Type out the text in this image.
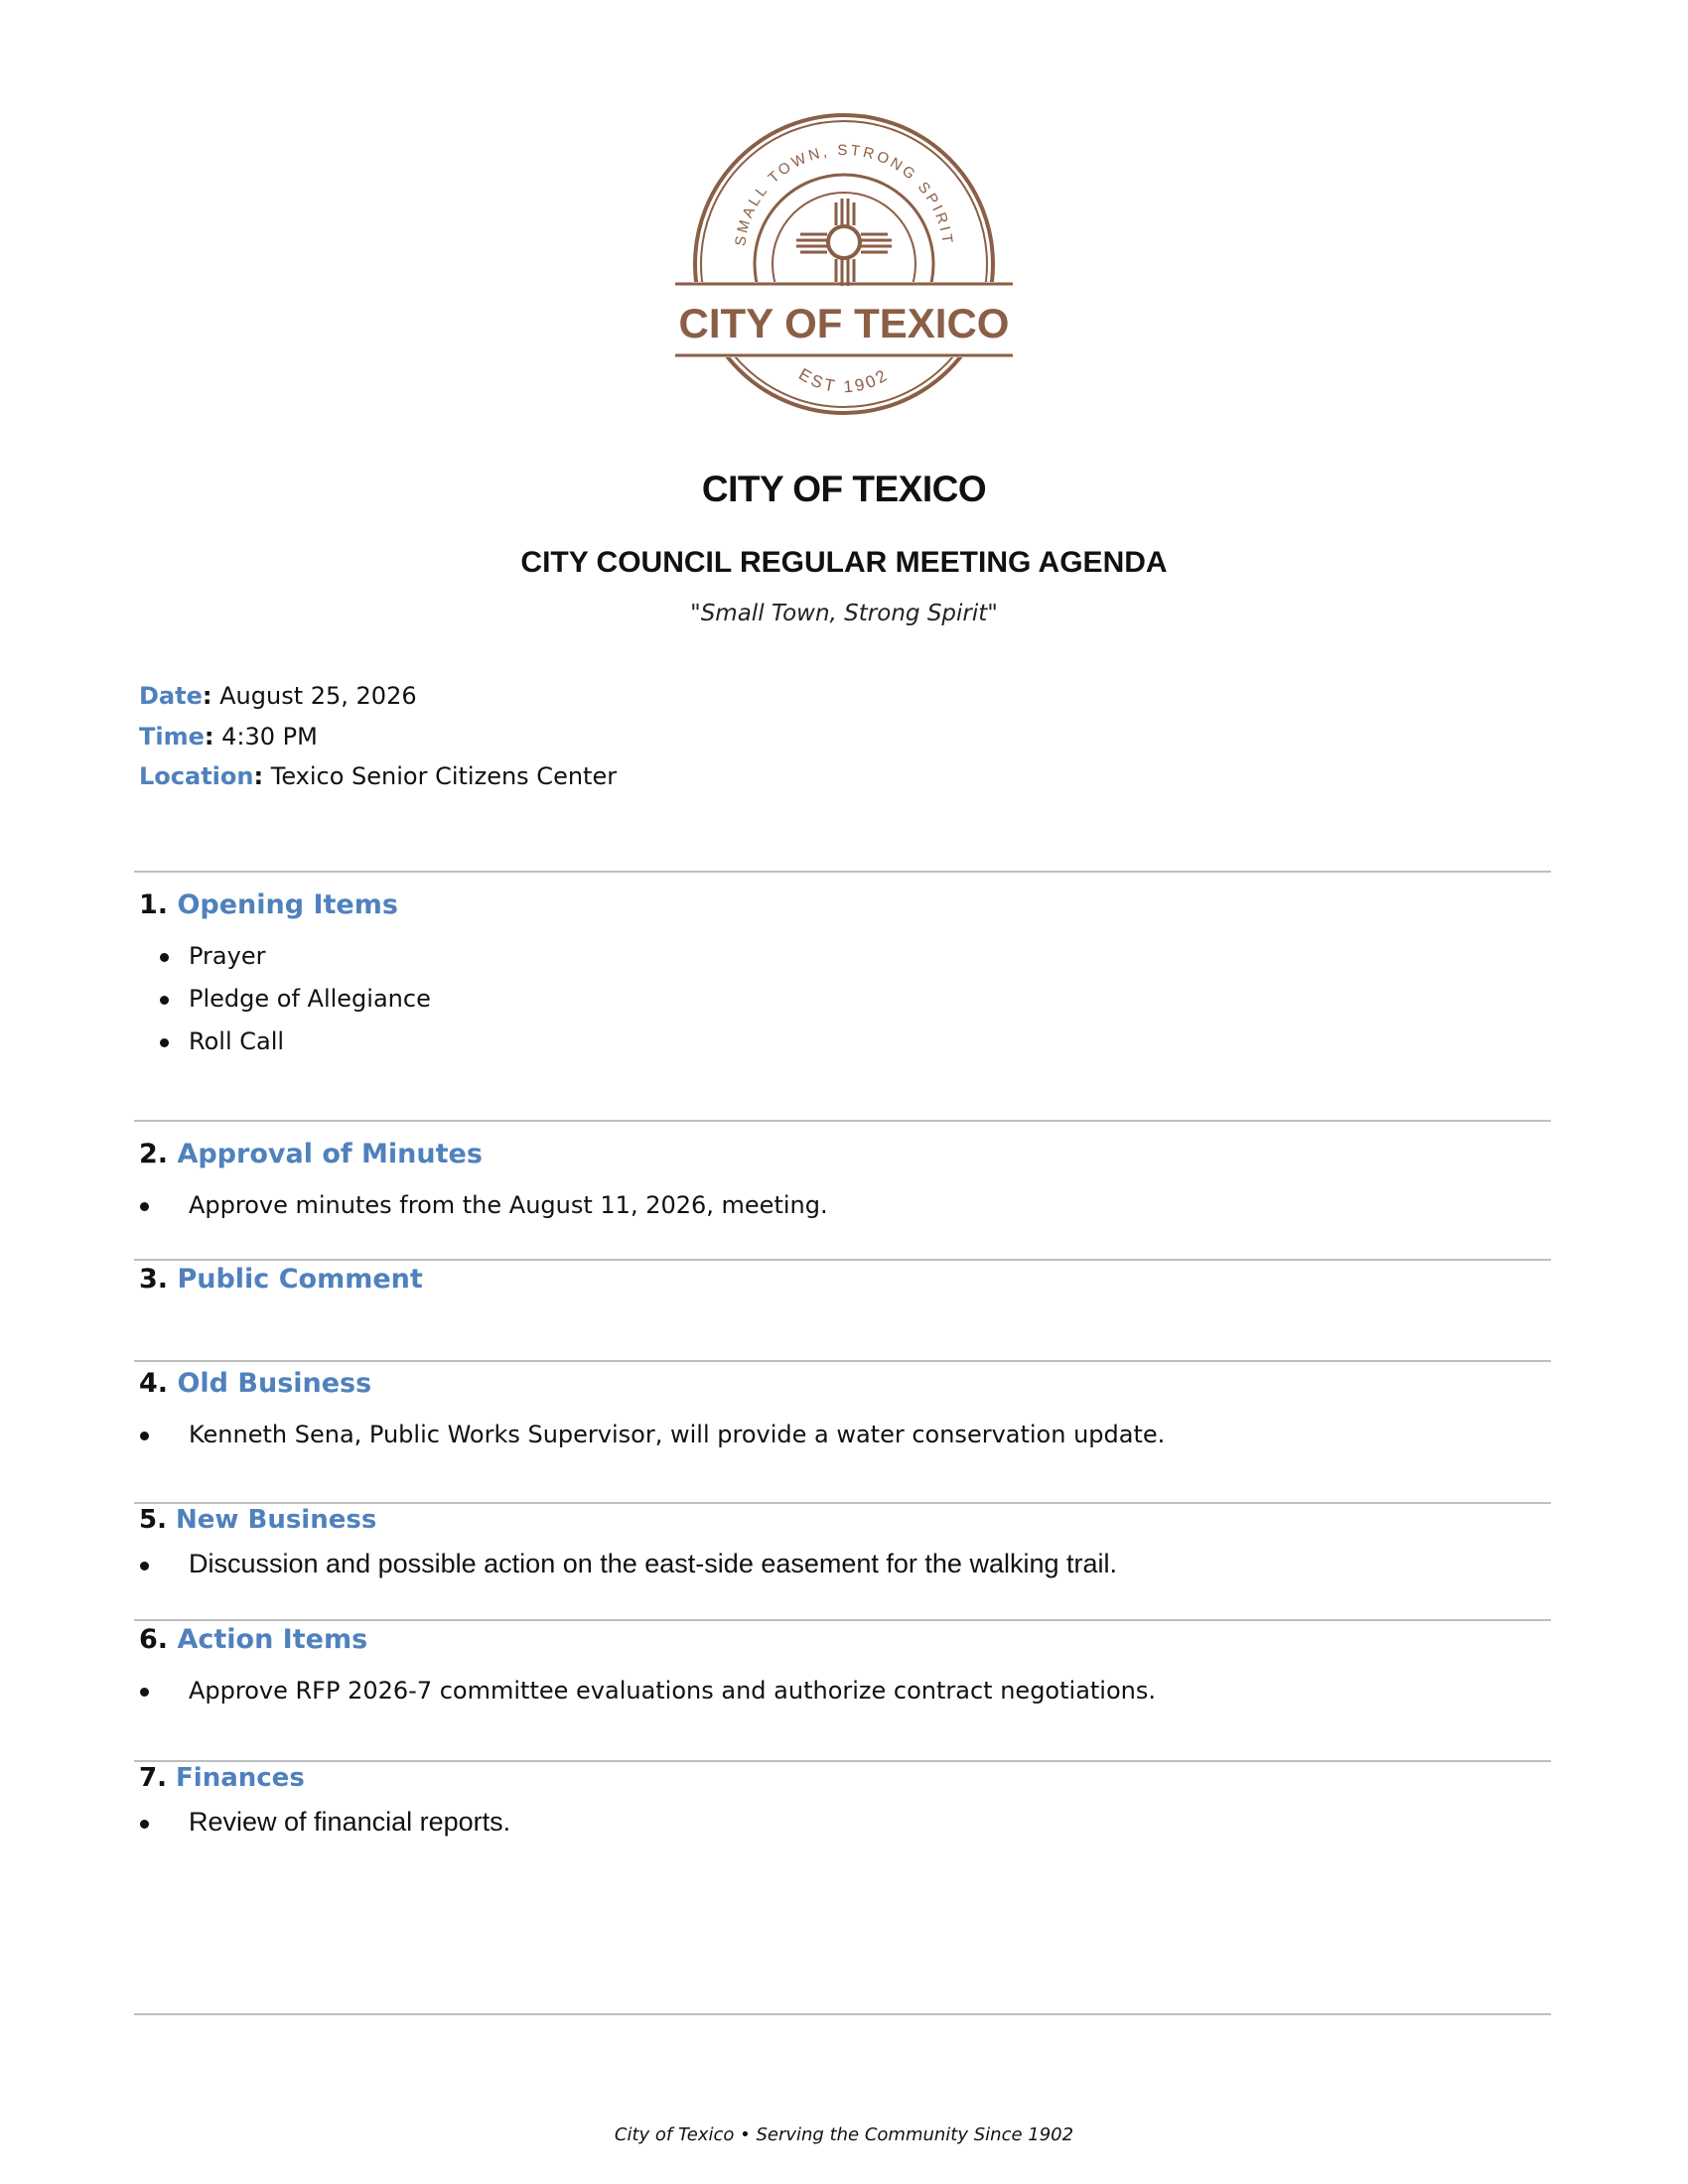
SMALL TOWN, STRONG SPIRIT
CITY OF TEXICO
EST 1902
CITY OF TEXICO
CITY COUNCIL REGULAR MEETING AGENDA
"Small Town, Strong Spirit"
Date: August 25, 2026
Time: 4:30 PM
Location: Texico Senior Citizens Center
1. Opening Items
Prayer
Pledge of Allegiance
Roll Call
2. Approval of Minutes
Approve minutes from the August 11, 2026, meeting.
3. Public Comment
4. Old Business
Kenneth Sena, Public Works Supervisor, will provide a water conservation update.
5. New Business
Discussion and possible action on the east-side easement for the walking trail.
6. Action Items
Approve RFP 2026-7 committee evaluations and authorize contract negotiations.
7. Finances
Review of financial reports.
City of Texico • Serving the Community Since 1902
